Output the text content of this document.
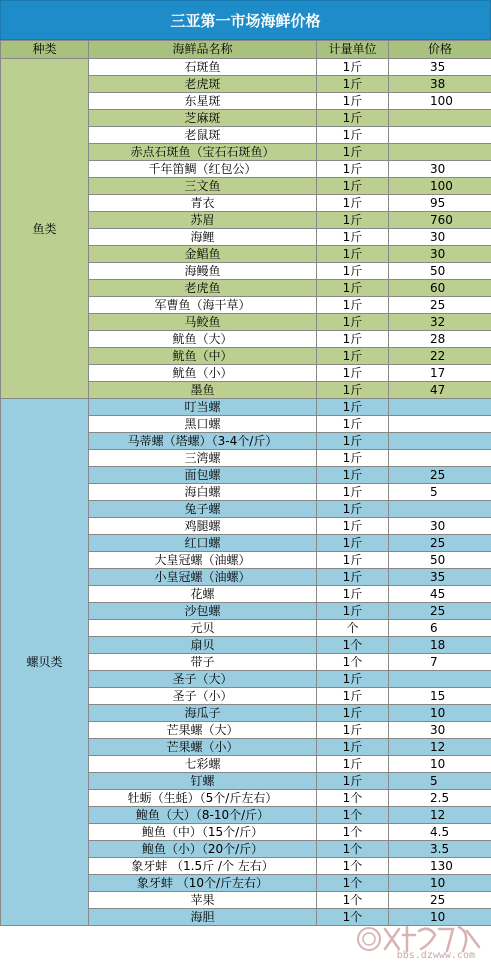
三亚第一市场海鲜价格
种类	海鲜品名称	计量单位	价格
鱼类	石斑鱼	1斤	35
	老虎斑	1斤	38
	东星斑	1斤	100
	芝麻斑	1斤	
	老鼠斑	1斤	
	赤点石斑鱼（宝石石斑鱼）	1斤	
	千年笛鲷（红包公）	1斤	30
	三文鱼	1斤	100
	青衣	1斤	95
	苏眉	1斤	760
	海鲤	1斤	30
	金鲳鱼	1斤	30
	海鳗鱼	1斤	50
	老虎鱼	1斤	60
	军曹鱼（海干草）	1斤	25
	马鲛鱼	1斤	32
	鱿鱼（大）	1斤	28
	鱿鱼（中）	1斤	22
	鱿鱼（小）	1斤	17
	墨鱼	1斤	47
螺贝类	叮当螺	1斤	
	黑口螺	1斤	
	马蒂螺（塔螺）（3-4个/斤）	1斤	
	三湾螺	1斤	
	面包螺	1斤	25
	海白螺	1斤	5
	兔子螺	1斤	
	鸡腿螺	1斤	30
	红口螺	1斤	25
	大皇冠螺（油螺）	1斤	50
	小皇冠螺（油螺）	1斤	35
	花螺	1斤	45
	沙包螺	1斤	25
	元贝	个	6
	扇贝	1个	18
	带子	1个	7
	圣子（大）	1斤	
	圣子（小）	1斤	15
	海瓜子	1斤	10
	芒果螺（大）	1斤	30
	芒果螺（小）	1斤	12
	七彩螺	1斤	10
	钉螺	1斤	5
	牡蛎（生蚝）（5个/斤左右）	1个	2.5
	鲍鱼（大）（8-10个/斤）	1个	12
	鲍鱼（中）（15个/斤）	1个	4.5
	鲍鱼（小）（20个/斤）	1个	3.5
	象牙蚌 （1.5斤 /个 左右）	1个	130
	象牙蚌 （10个/斤左右）	1个	10
	苹果	1个	25
	海胆	1个	10
bbs.dzwww.com
